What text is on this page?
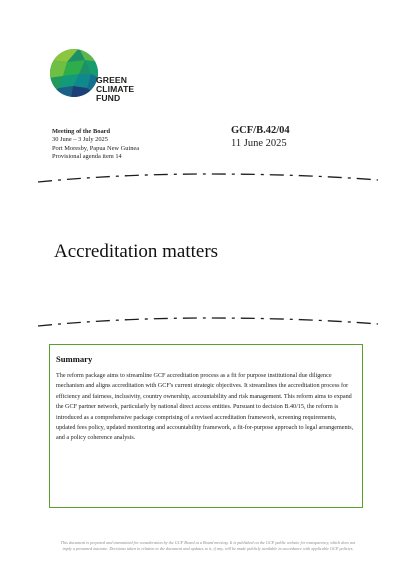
GREEN
CLIMATE
FUND
Meeting of the Board
30 June – 3 July 2025
Port Moresby, Papua New Guinea
Provisional agenda item 14
GCF/B.42/04
11 June 2025
Accreditation matters
Summary

The reform package aims to streamline GCF accreditation process as a fit for purpose institutional due diligence mechanism and aligns accreditation with GCF's current strategic objectives. It streamlines the accreditation process for efficiency and fairness, inclusivity, country ownership, accountability and risk management. This reform aims to expand the GCF partner network, particularly by national direct access entities. Pursuant to decision B.40/15, the reform is introduced as a comprehensive package comprising of a revised accreditation framework, screening requirements, updated fees policy, updated monitoring and accountability framework, a fit-for-purpose approach to legal arrangements, and a policy coherence analysis.

This document is prepared and transmitted for consideration by the GCF Board at a Board meeting. It is published on the GCF public website for transparency, which does not imply a presumed outcome. Decisions taken in relation to the document and updates to it, if any, will be made publicly available in accordance with applicable GCF policies.
